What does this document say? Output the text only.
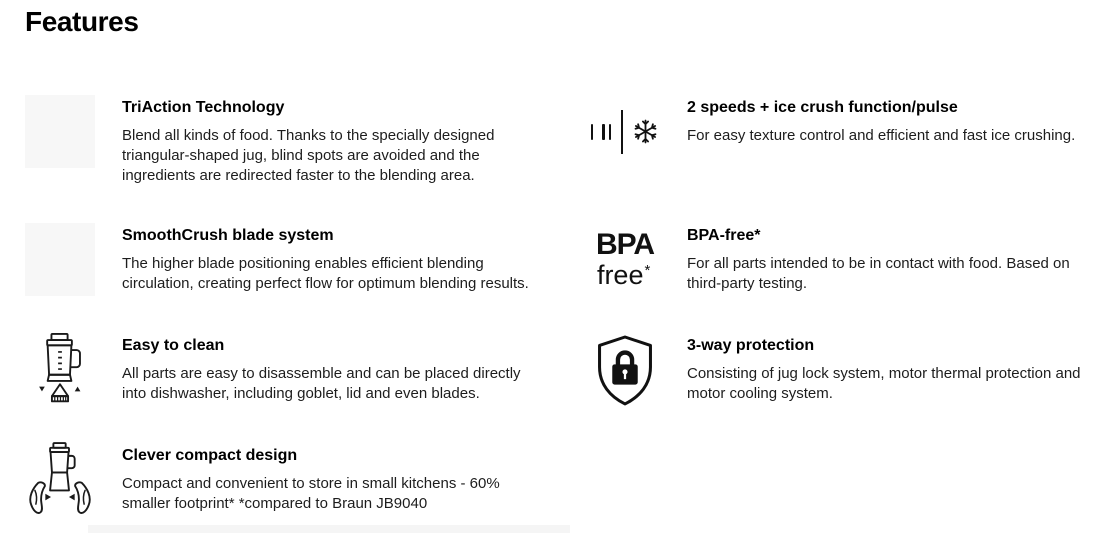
Features
TriAction Technology

Blend all kinds of food. Thanks to the specially designed triangular-shaped jug, blind spots are avoided and the ingredients are redirected faster to the blending area.

2 speeds + ice crush function/pulse

For easy texture control and efficient and fast ice crushing.

SmoothCrush blade system

The higher blade positioning enables efficient blending circulation, creating perfect flow for optimum blending results.

BPA
free*
BPA-free*

For all parts intended to be in contact with food. Based on third-party testing.

Easy to clean

All parts are easy to disassemble and can be placed directly into dishwasher, including goblet, lid and even blades.

3-way protection

Consisting of jug lock system, motor thermal protection and motor cooling system.

Clever compact design

Compact and convenient to store in small kitchens - 60% smaller footprint* *compared to Braun JB9040
